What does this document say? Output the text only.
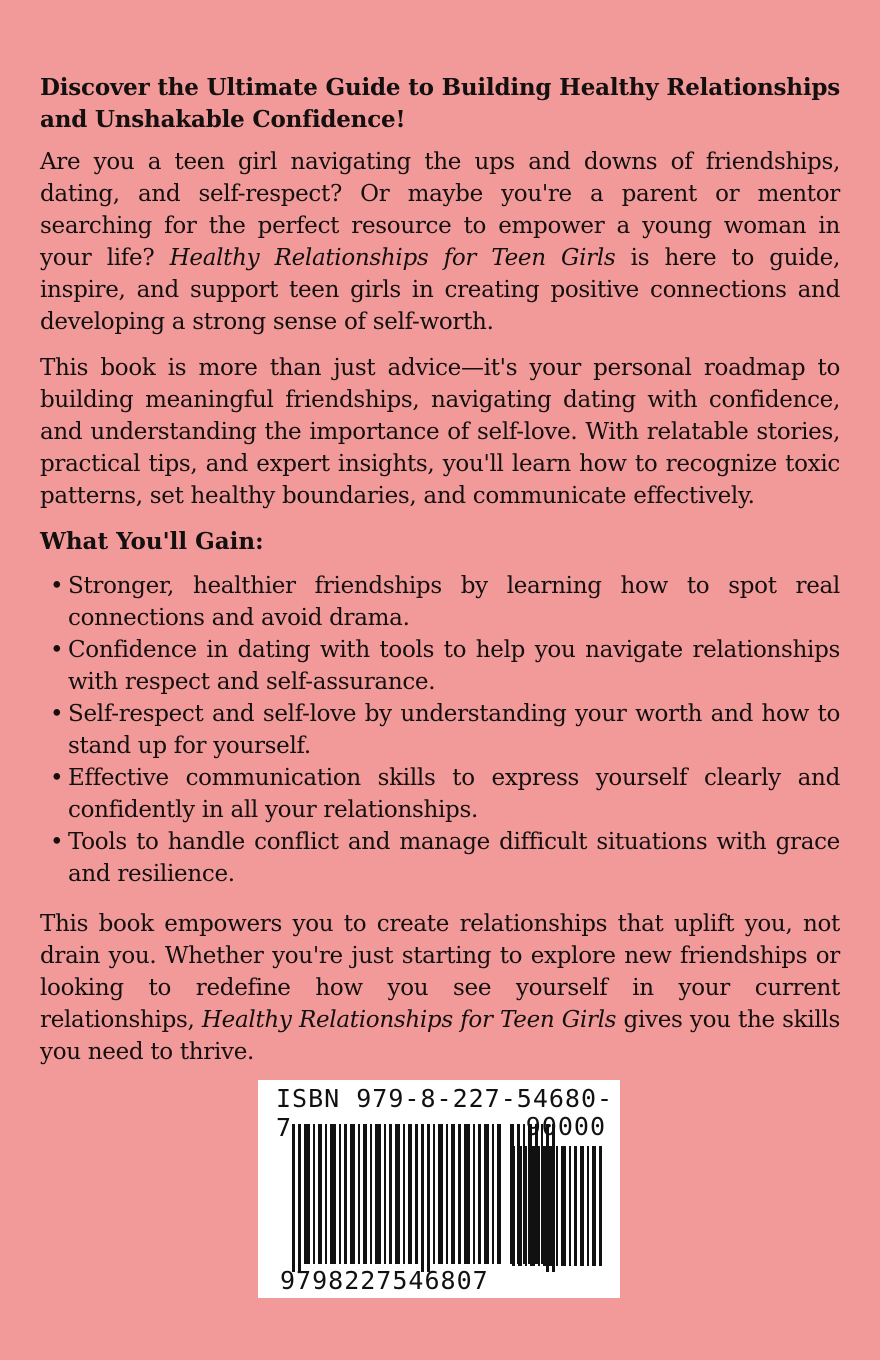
Discover the Ultimate Guide to Building Healthy Relationships and Unshakable Confidence!

Are you a teen girl navigating the ups and downs of friendships, dating, and self-respect? Or maybe you're a parent or mentor searching for the perfect resource to empower a young woman in your life? Healthy Relationships for Teen Girls is here to guide, inspire, and support teen girls in creating positive connections and developing a strong sense of self-worth.

This book is more than just advice—it's your personal roadmap to building meaningful friendships, navigating dating with confidence, and understanding the importance of self-love. With relatable stories, practical tips, and expert insights, you'll learn how to recognize toxic patterns, set healthy boundaries, and communicate effectively.

What You'll Gain:
• Stronger, healthier friendships by learning how to spot real connections and avoid drama.
• Confidence in dating with tools to help you navigate relationships with respect and self-assurance.
• Self-respect and self-love by understanding your worth and how to stand up for yourself.
• Effective communication skills to express yourself clearly and confidently in all your relationships.
• Tools to handle conflict and manage difficult situations with grace and resilience.

This book empowers you to create relationships that uplift you, not drain you. Whether you're just starting to explore new friendships or looking to redefine how you see yourself in your current relationships, Healthy Relationships for Teen Girls gives you the skills you need to thrive.

ISBN 979-8-227-54680-7	90000
9798227546807
